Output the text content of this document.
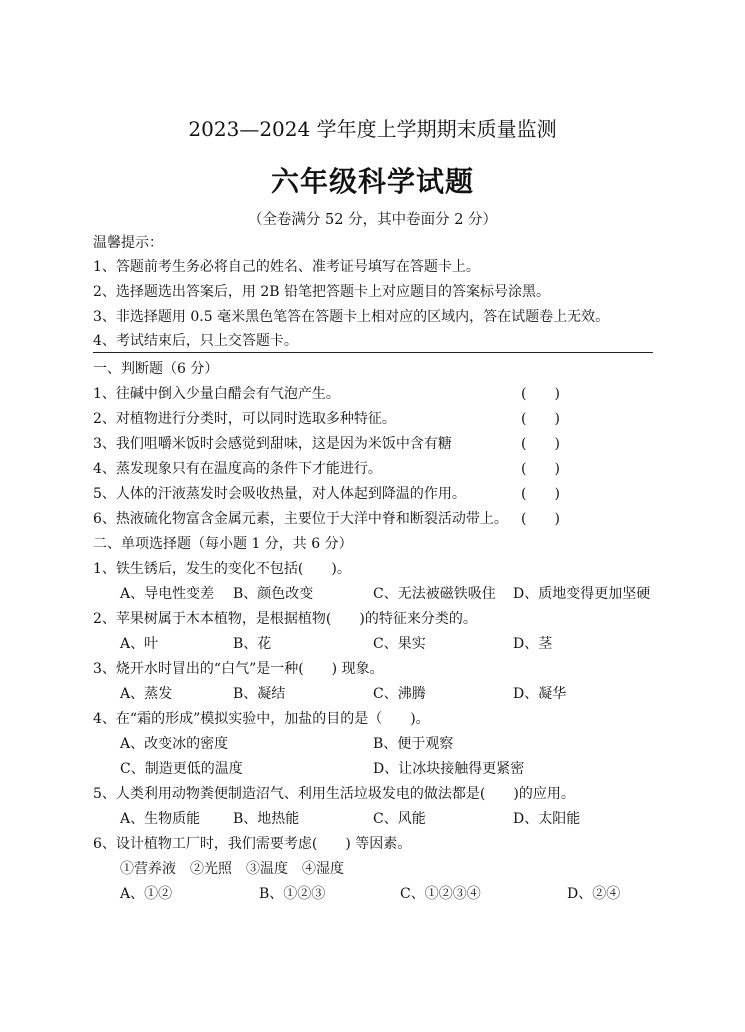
2023—2024 学年度上学期期末质量监测
六年级科学试题
（全卷满分 52 分，其中卷面分 2 分）
温馨提示：
1、答题前考生务必将自己的姓名、准考证号填写在答题卡上。
2、选择题选出答案后，用 2B 铅笔把答题卡上对应题目的答案标号涂黑。
3、非选择题用 0.5 毫米黑色笔答在答题卡上相对应的区域内，答在试题卷上无效。
4、考试结束后，只上交答题卡。
一、判断题（6 分）
1、往碱中倒入少量白醋会有气泡产生。	(　　)
2、对植物进行分类时，可以同时选取多种特征。	(　　)
3、我们咀嚼米饭时会感觉到甜味，这是因为米饭中含有糖	(　　)
4、蒸发现象只有在温度高的条件下才能进行。	(　　)
5、人体的汗液蒸发时会吸收热量，对人体起到降温的作用。	(　　)
6、热液硫化物富含金属元素，主要位于大洋中脊和断裂活动带上。 (　　)
二、单项选择题（每小题 1 分，共 6 分）
1、铁生锈后，发生的变化不包括(　　)。
A、导电性变差 B、颜色改变	C、无法被磁铁吸住 D、质地变得更加坚硬
2、苹果树属于木本植物，是根据植物(　　)的特征来分类的。
A、叶	B、花	C、果实	D、茎
3、烧开水时冒出的“白气”是一种(　　) 现象。
A、蒸发	B、凝结	C、沸腾	D、凝华
4、在“霜的形成”模拟实验中，加盐的目的是（　　)。
A、改变冰的密度	B、便于观察
C、制造更低的温度	D、让冰块接触得更紧密
5、人类利用动物粪便制造沼气、利用生活垃圾发电的做法都是(　　)的应用。
A、生物质能 B、地热能	C、风能	D、太阳能
6、设计植物工厂时，我们需要考虑(　　) 等因素。
①营养液　②光照　③温度　④湿度
A、①②	B、①②③	C、①②③④	D、②④
